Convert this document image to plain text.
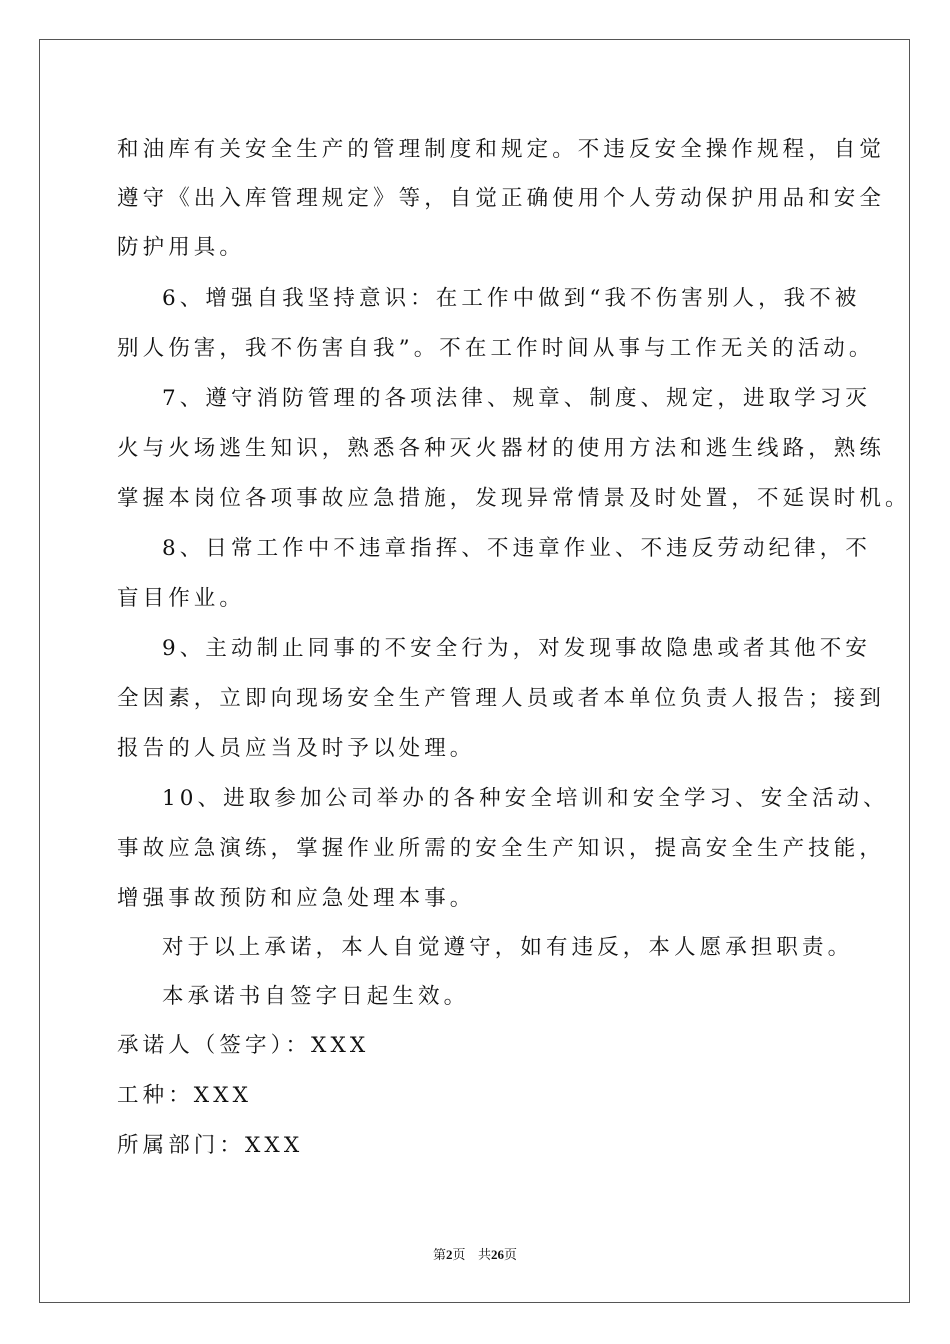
和油库有关安全生产的管理制度和规定。不违反安全操作规程，自觉
遵守《出入库管理规定》等，自觉正确使用个人劳动保护用品和安全
防护用具。
6、增强自我坚持意识：在工作中做到“我不伤害别人，我不被
别人伤害，我不伤害自我”。不在工作时间从事与工作无关的活动。
7、遵守消防管理的各项法律、规章、制度、规定，进取学习灭
火与火场逃生知识，熟悉各种灭火器材的使用方法和逃生线路，熟练
掌握本岗位各项事故应急措施，发现异常情景及时处置，不延误时机。
8、日常工作中不违章指挥、不违章作业、不违反劳动纪律，不
盲目作业。
9、主动制止同事的不安全行为，对发现事故隐患或者其他不安
全因素，立即向现场安全生产管理人员或者本单位负责人报告；接到
报告的人员应当及时予以处理。
10、进取参加公司举办的各种安全培训和安全学习、安全活动、
事故应急演练，掌握作业所需的安全生产知识，提高安全生产技能，
增强事故预防和应急处理本事。
对于以上承诺，本人自觉遵守，如有违反，本人愿承担职责。
本承诺书自签字日起生效。
承诺人（签字）：XXX
工种：XXX
所属部门：XXX
第2页 共26页
